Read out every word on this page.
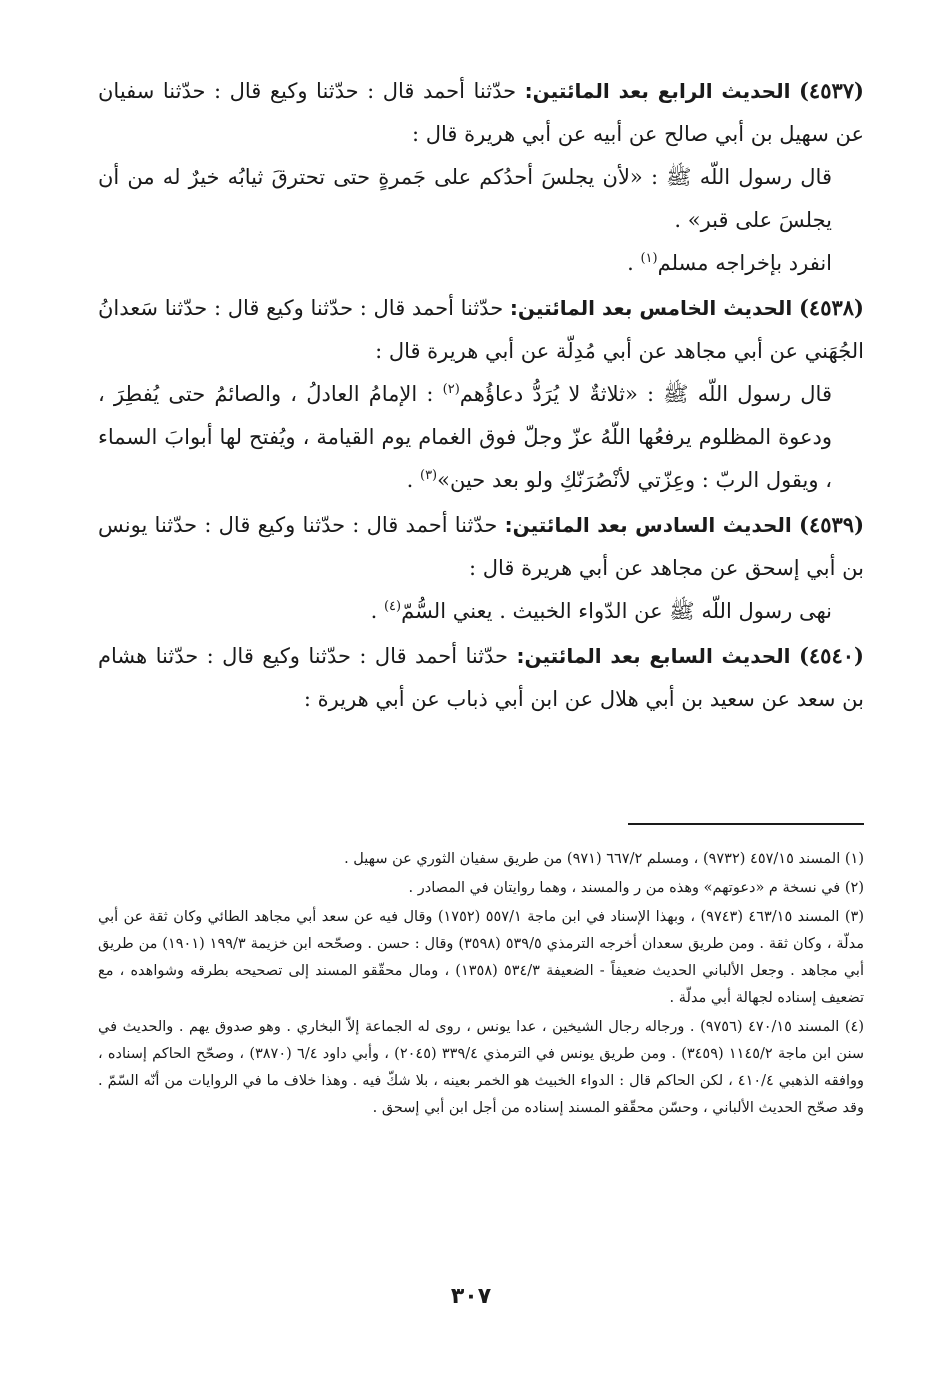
(٤٥٣٧) الحديث الرابع بعد المائتين: حدّثنا أحمد قال : حدّثنا وكيع قال : حدّثنا سفيان عن سهيل بن أبي صالح عن أبيه عن أبي هريرة قال :

قال رسول اللّه ﷺ : «لأن يجلسَ أحدُكم على جَمرةٍ حتى تحترقَ ثيابُه خيرٌ له من أن يجلسَ على قبر» .

انفرد بإخراجه مسلم$^{(١)}$ .

(٤٥٣٨) الحديث الخامس بعد المائتين: حدّثنا أحمد قال : حدّثنا وكيع قال : حدّثنا سَعدانُ الجُهَني عن أبي مجاهد عن أبي مُدِلّة عن أبي هريرة قال :

قال رسول اللّه ﷺ : «ثلاثةٌ لا يُرَدُّ دعاؤُهم$^{(٢)}$ : الإمامُ العادلُ ، والصائمُ حتى يُفطِرَ ، ودعوة المظلوم يرفعُها اللّهُ عزّ وجلّ فوق الغمام يوم القيامة ، ويُفتح لها أبوابَ السماء ، ويقول الربّ : وعِزّتي لأنْصُرَنّكِ ولو بعد حين»$^{(٣)}$ .

(٤٥٣٩) الحديث السادس بعد المائتين: حدّثنا أحمد قال : حدّثنا وكيع قال : حدّثنا يونس بن أبي إسحق عن مجاهد عن أبي هريرة قال :

نهى رسول اللّه ﷺ عن الدّواء الخبيث . يعني السُّمّ$^{(٤)}$ .

(٤٥٤٠) الحديث السابع بعد المائتين: حدّثنا أحمد قال : حدّثنا وكيع قال : حدّثنا هشام بن سعد عن سعيد بن أبي هلال عن ابن أبي ذباب عن أبي هريرة :

(١) المسند ٤٥٧/١٥ (٩٧٣٢) ، ومسلم ٦٦٧/٢ (٩٧١) من طريق سفيان الثوري عن سهيل .

(٢) في نسخة م «دعوتهم» وهذه من ر والمسند ، وهما روايتان في المصادر .

(٣) المسند ٤٦٣/١٥ (٩٧٤٣) ، وبهذا الإسناد في ابن ماجة ٥٥٧/١ (١٧٥٢) وقال فيه عن سعد أبي مجاهد الطائي وكان ثقة عن أبي مدلّة ، وكان ثقة . ومن طريق سعدان أخرجه الترمذي ٥٣٩/٥ (٣٥٩٨) وقال : حسن . وصحّحه ابن خزيمة ١٩٩/٣ (١٩٠١) من طريق أبي مجاهد . وجعل الألباني الحديث ضعيفاً - الضعيفة ٥٣٤/٣ (١٣٥٨) ، ومال محقّقو المسند إلى تصحيحه بطرقه وشواهده ، مع تضعيف إسناده لجهالة أبي مدلّة .

(٤) المسند ٤٧٠/١٥ (٩٧٥٦) . ورجاله رجال الشيخين ، عدا يونس ، روى له الجماعة إلاّ البخاري . وهو صدوق يهم . والحديث في سنن ابن ماجة ١١٤٥/٢ (٣٤٥٩) . ومن طريق يونس في الترمذي ٣٣٩/٤ (٢٠٤٥) ، وأبي داود ٦/٤ (٣٨٧٠) ، وصحّح الحاكم إسناده ، ووافقه الذهبي ٤١٠/٤ ، لكن الحاكم قال : الدواء الخبيث هو الخمر بعينه ، بلا شكّ فيه . وهذا خلاف ما في الروايات من أنّه السّمّ . وقد صحّح الحديث الألباني ، وحسّن محقّقو المسند إسناده من أجل ابن أبي إسحق .

٣٠٧
